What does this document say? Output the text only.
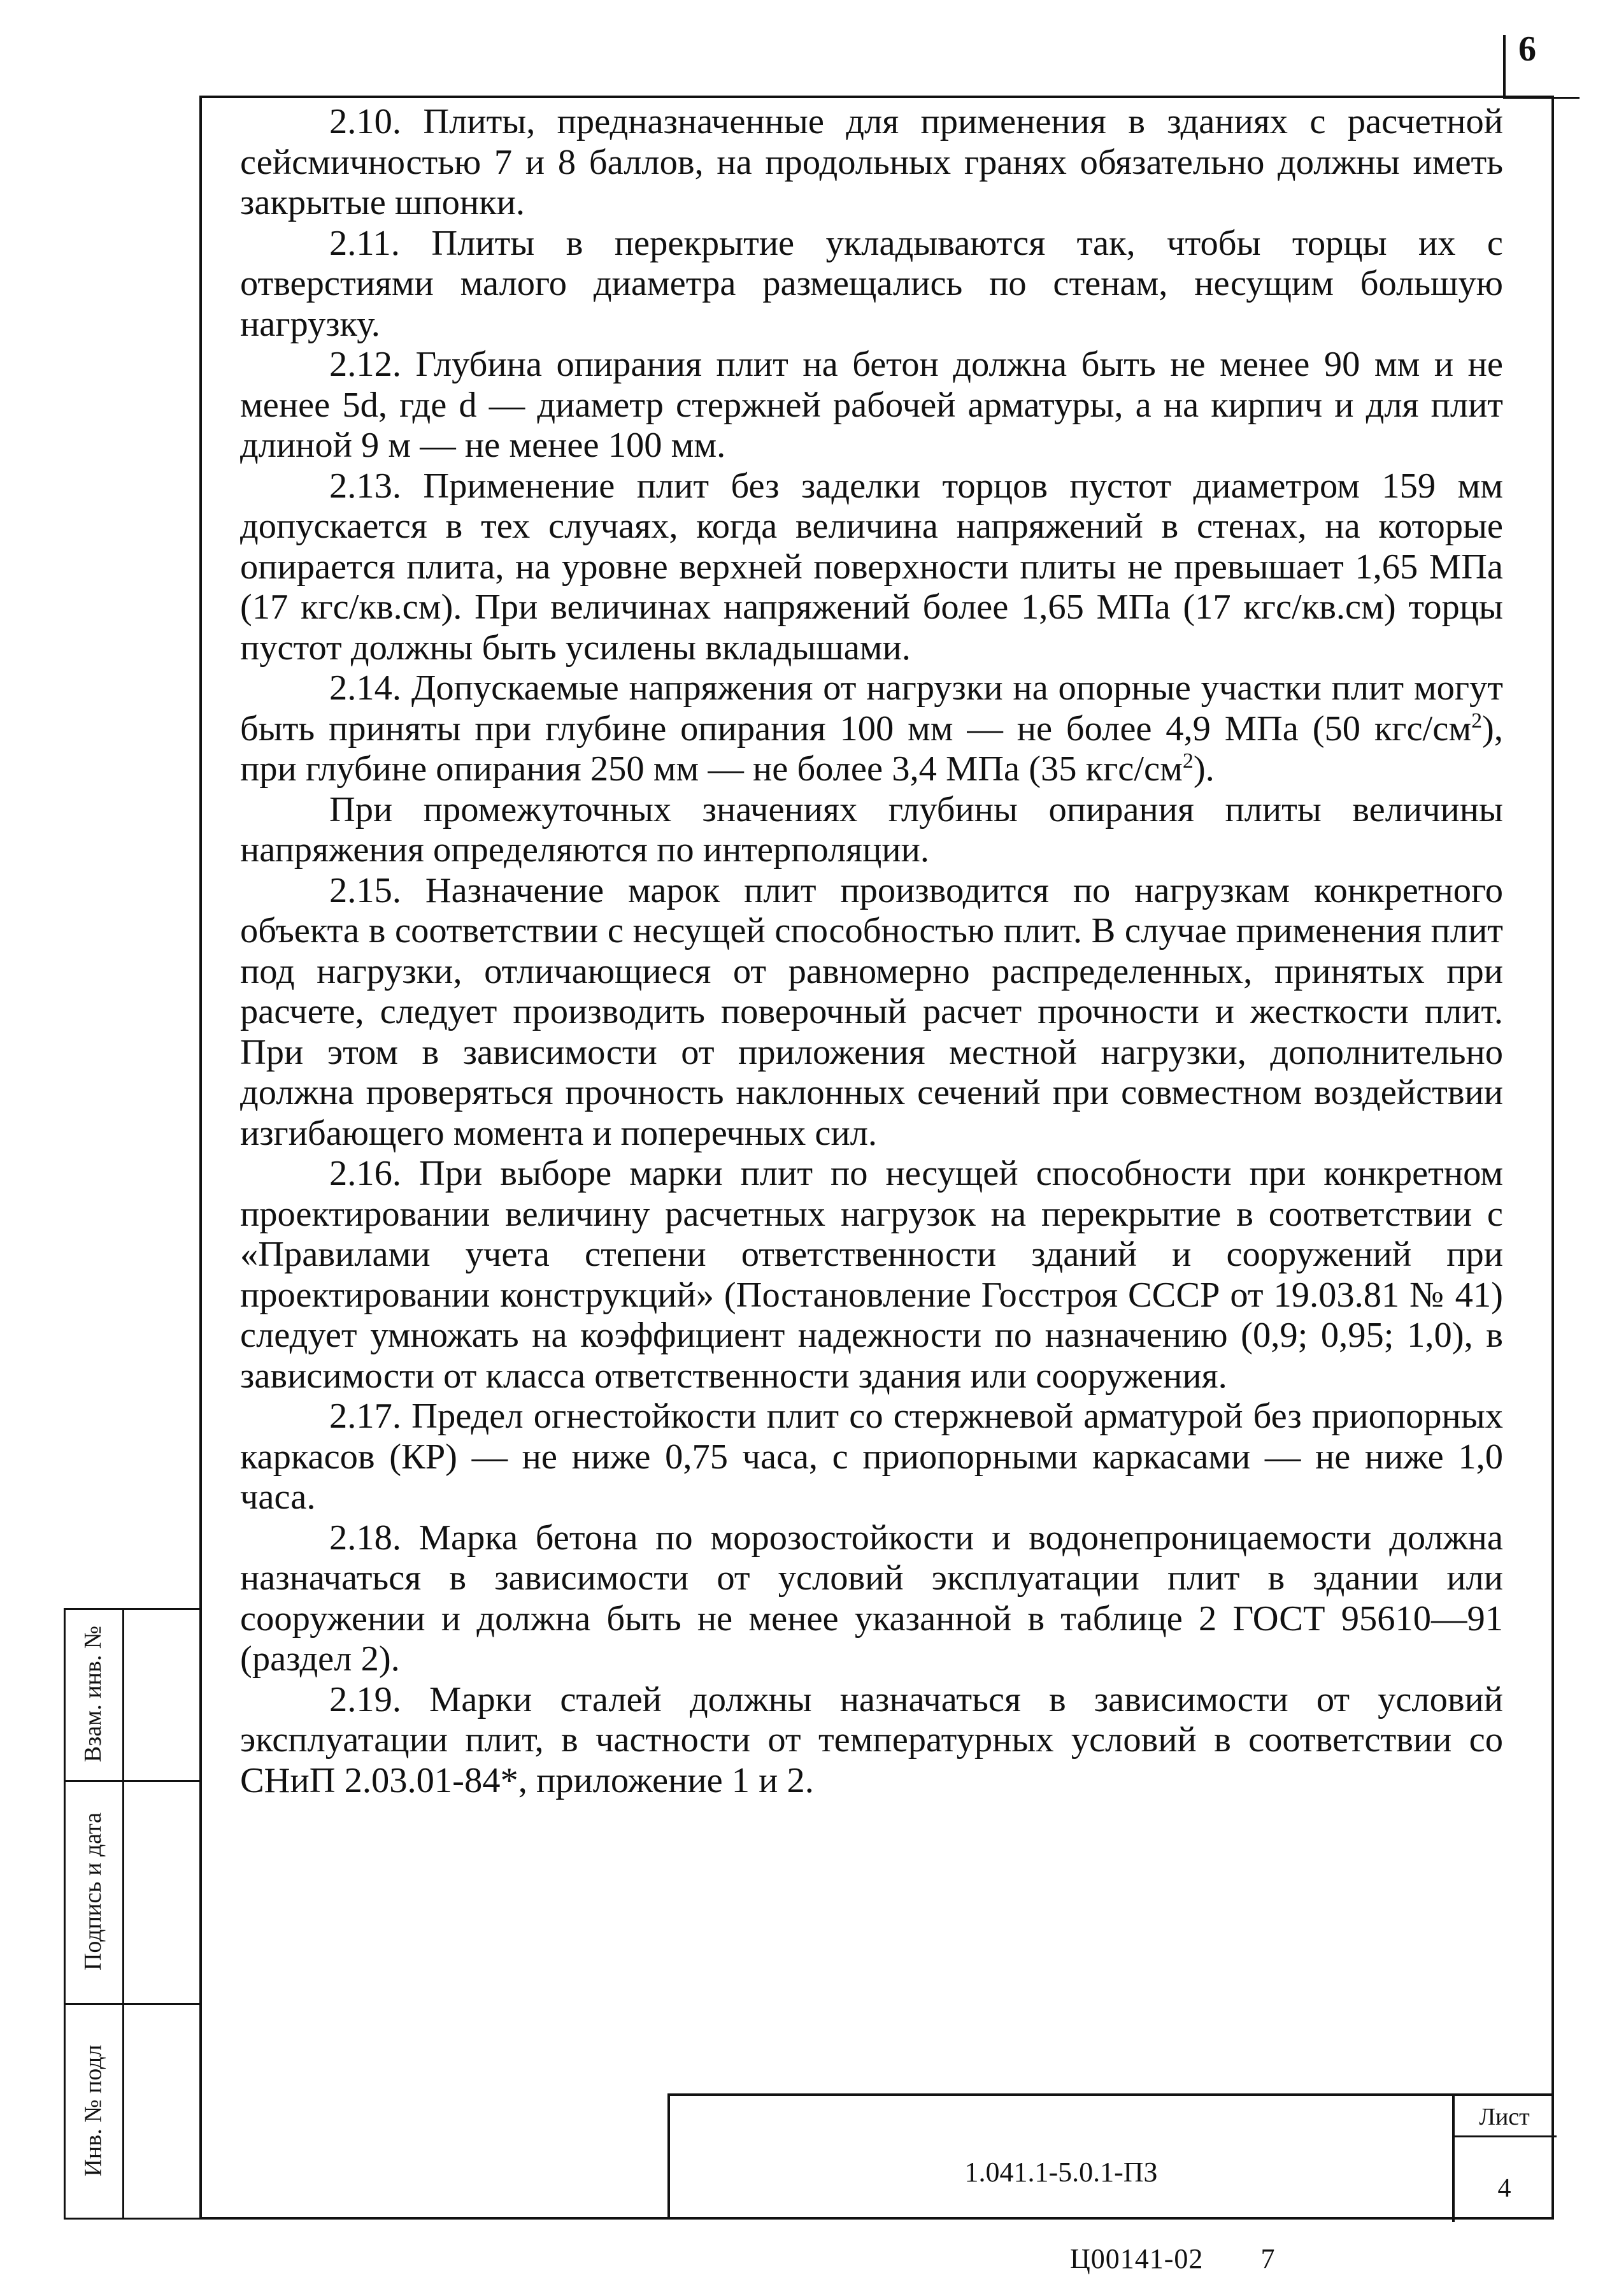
6

2.10. Плиты, предназначенные для применения в зданиях с расчетной сейсмичностью 7 и 8 баллов, на продольных гранях обязательно должны иметь закрытые шпонки.

2.11. Плиты в перекрытие укладываются так, чтобы торцы их с отверстиями малого диаметра размещались по стенам, несущим большую нагрузку.

2.12. Глубина опирания плит на бетон должна быть не менее 90 мм и не менее 5d, где d — диаметр стержней рабочей арматуры, а на кирпич и для плит длиной 9 м — не менее 100 мм.

2.13. Применение плит без заделки торцов пустот диаметром 159 мм допускается в тех случаях, когда величина напряжений в стенах, на которые опирается плита, на уровне верхней поверхности плиты не превышает 1,65 МПа (17 кгс/кв.см). При величинах напряжений более 1,65 МПа (17 кгс/кв.см) торцы пустот должны быть усилены вкладышами.

2.14. Допускаемые напряжения от нагрузки на опорные участки плит могут быть приняты при глубине опирания 100 мм — не более 4,9 МПа (50 кгс/$см^2$), при глубине опирания 250 мм — не более 3,4 МПа (35 кгс/$см^2$).

При промежуточных значениях глубины опирания плиты величины напряжения определяются по интерполяции.

2.15. Назначение марок плит производится по нагрузкам конкретного объекта в соответствии с несущей способностью плит. В случае применения плит под нагрузки, отличающиеся от равномерно распределенных, принятых при расчете, следует производить поверочный расчет прочности и жесткости плит. При этом в зависимости от приложения местной нагрузки, дополнительно должна проверяться прочность наклонных сечений при совместном воздействии изгибающего момента и поперечных сил.

2.16. При выборе марки плит по несущей способности при конкретном проектировании величину расчетных нагрузок на перекрытие в соответствии с «Правилами учета степени ответственности зданий и сооружений при проектировании конструкций» (Постановление Госстроя СССР от 19.03.81 № 41) следует умножать на коэффициент надежности по назначению (0,9; 0,95; 1,0), в зависимости от класса ответственности здания или сооружения.

2.17. Предел огнестойкости плит со стержневой арматурой без приопорных каркасов (КР) — не ниже 0,75 часа, с приопорными каркасами — не ниже 1,0 часа.

2.18. Марка бетона по морозостойкости и водонепроницаемости должна назначаться в зависимости от условий эксплуатации плит в здании или сооружении и должна быть не менее указанной в таблице 2 ГОСТ 95610—91 (раздел 2).

2.19. Марки сталей должны назначаться в зависимости от условий эксплуатации плит, в частности от температурных условий в соответствии со СНиП 2.03.01-84*, приложение 1 и 2.

Взам. инв. №
Подпись и дата
Инв. № подл	1.041.1-5.0.1-ПЗ
Лист
4
Ц00141-02 7
